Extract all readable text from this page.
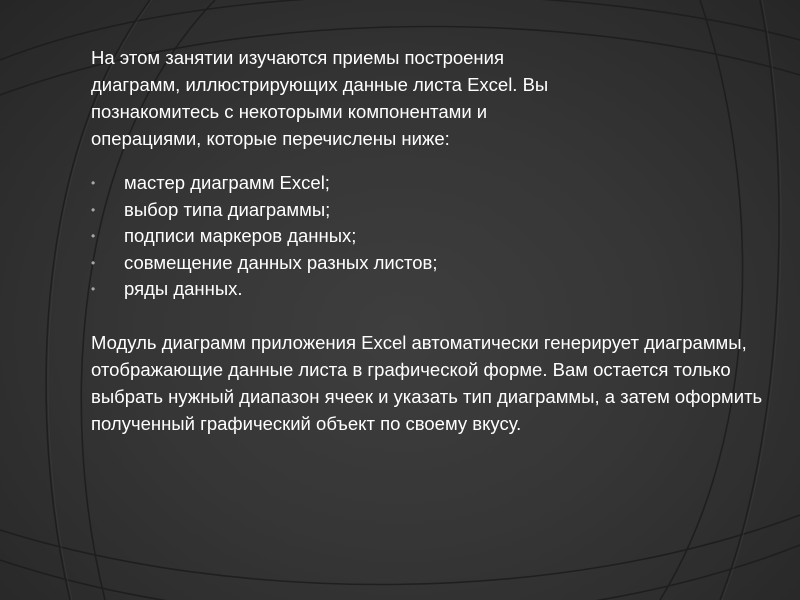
На этом занятии изучаются приемы построения диаграмм, иллюстрирующих данные листа Excel. Вы познакомитесь с некоторыми компонентами и операциями, которые перечислены ниже:

•	мастер диаграмм Excel;
•	выбор типа диаграммы;
•	подписи маркеров данных;
•	совмещение данных разных листов;
•	ряды данных.

Модуль диаграмм приложения Excel автоматически генерирует диаграммы, отображающие данные листа в графической форме. Вам остается только выбрать нужный диапазон ячеек и указать тип диаграммы, а затем оформить полученный графический объект по своему вкусу.
